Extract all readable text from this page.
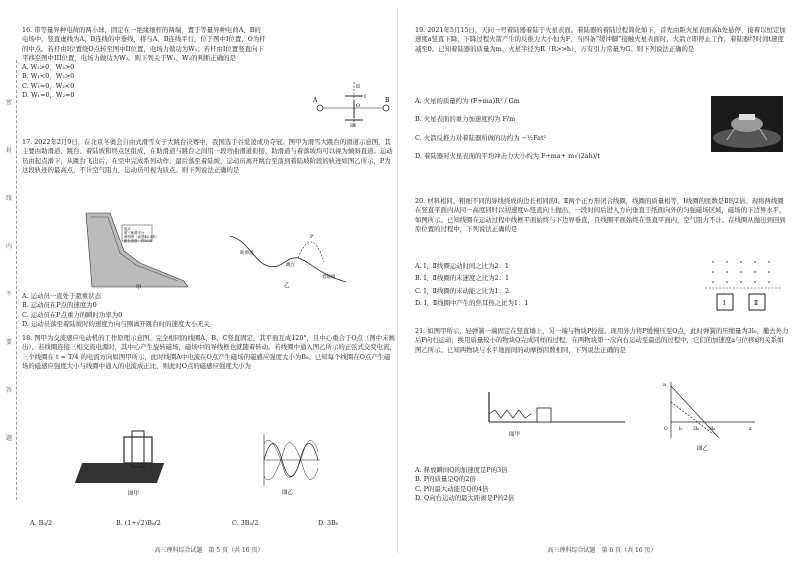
密
封
线
内
不
要
答
题

16. 带等量异种电荷的两小球，固定在一绝缘细杆的两端，置于等量异种电荷A、B的电场中，竖直虚线为A、B连线的中垂线，将与A、B连线平行，位于图中I位置，O为杆的中点。若杆由I位置绕O点转至图中II位置，电场力做功为W₁；若杆由I位置竖直向下平移至图中III位置，电场力做功为W₂。则下列关于W₁、W₂的判断正确的是

A. W₁>0，W₂>0

B. W₁<0，W₂>0

C. W₁=0，W₂<0

D. W₁=0，W₂=0

A	B
O
I
II
III

17. 2022年2月9日，在北京冬奥会自由式滑雪女子大跳台决赛中，我国选手谷爱凌成功夺冠。图甲为滑雪大跳台的滑道示意图，其主要由助滑道、跳台、着陆坡和终点区组成，在助滑道与跳台之间用一段弯曲滑道衔接，助滑道与着落坡均可以视为倾斜直道。运动员由起点滑下，从跳台飞出后，在空中完成系列动作，最后落至着陆坡，运动员离开跳台至落到着陆坡阶段的轨迹如图乙所示，P为这段轨迹的最高点，不计空气阻力，运动员可视为质点。则下列说法正确的是

起点
第三助滑平台
裁判塔（高度46.9米）
跳台高度：约35米
甲
助滑道
跳台
着陆坡
P
乙

A. 运动员一直处于超重状态

B. 运动员在P点的速度为0

C. 运动员在P点重力的瞬时功率为0

D. 运动员落至着陆坡时的速度方向与刚离开跳台时的速度大小无关

18. 图甲为交流感应电动机的工作原理示意图。完全相同的线圈A、B、C竖直固定，其平面互成120°，且中心重合于O点（图中未画出）。若线圈连接三相交流电源时，其中心产生旋转磁场，磁场中的导线框也就随着转动。若线圈中通入图乙所示的正弦式交变电流，三个线圈在 t = T/4 的电流方向如图甲所示，此时线圈A中电流在O点产生磁场的磁感应强度大小为B₀。已知每个线圈在O点产生磁场的磁感应强度大小与线圈中通入的电流成正比，则此时O点的磁感应强度大小为

图甲	图乙
A. B₀/2	B. (1+√2)B₀/2	C. 3B₀/2	D. 3B₀
高三理科综合试题　第 5 页（共 16 页）

19. 2021年5月15日，天问一号着陆器着陆于火星表面。着陆器的着陆过程简化如下，首先由距火星表面高h处悬停，接着以恒定加速度a竖直下降，下降过程火箭产生的反推力大小恒为F，当四条“缓冲脚”接触火星表面时，火箭立即停止工作，着陆器经时间t速度减至0。已知着陆器的质量为m，火星半径为R（R>>h），万有引力常量为G。则下列说法正确的是

A. 火星的质量约为 (F+ma)R² / Gm

B. 火星表面的重力加速度约为 F/m

C. 火箭反推力对着陆器所做的功约为 −½Fat²

D. 着陆器对火星表面的平均冲击力大小约为 F+ma+ m√(2ah)/t

20. 材料相同、粗细不同的导线绕成的边长相同的Ⅰ、Ⅱ两个正方形闭合线圈，线圈的质量相等，Ⅰ线圈的匝数是Ⅱ的2倍。现将两线圈在竖直平面内从同一高度同时以初速度v₀竖直向上抛出，一段时间后进入方向垂直于纸面向外的匀强磁场区域，磁场的下边界水平，如图所示。已知线圈在运动过程中线框平面始终与下边界垂直，且线圈平面始终在竖直平面内，空气阻力不计。在线圈从抛出到回到原位置的过程中，下列说法正确的是

A. Ⅰ、Ⅱ线圈运动时间之比为2：1

B. Ⅰ、Ⅱ线圈的末速度之比为2：1

C. Ⅰ、Ⅱ线圈的末动能之比为1：2

D. Ⅰ、Ⅱ线圈中产生的焦耳热之比为1：1	Ⅰ	Ⅱ

21. 如图甲所示，轻弹簧一端固定在竖直墙上，另一端与物块P拴接。现用外力将P缓慢压至O点，此时弹簧的压缩量为3l₀，撤去外力后P向右运动；换用质量较小的物块Q完成同样的过程。在两物块第一次向右运动至最远的过程中，它们的加速度a与位移x的关系如图乙所示。已知两物块与水平地面间的动摩擦因数相同，下列说法正确的是

图甲
a
x
O	l₀ 2l₀ 3l₀
图乙

A. 释放瞬间Q的加速度是P的3倍

B. P的质量是Q的2倍

C. P的最大动能是Q的4倍

D. Q向右运动的最大距离是P的2倍

高三理科综合试题　第 6 页（共 16 页）
